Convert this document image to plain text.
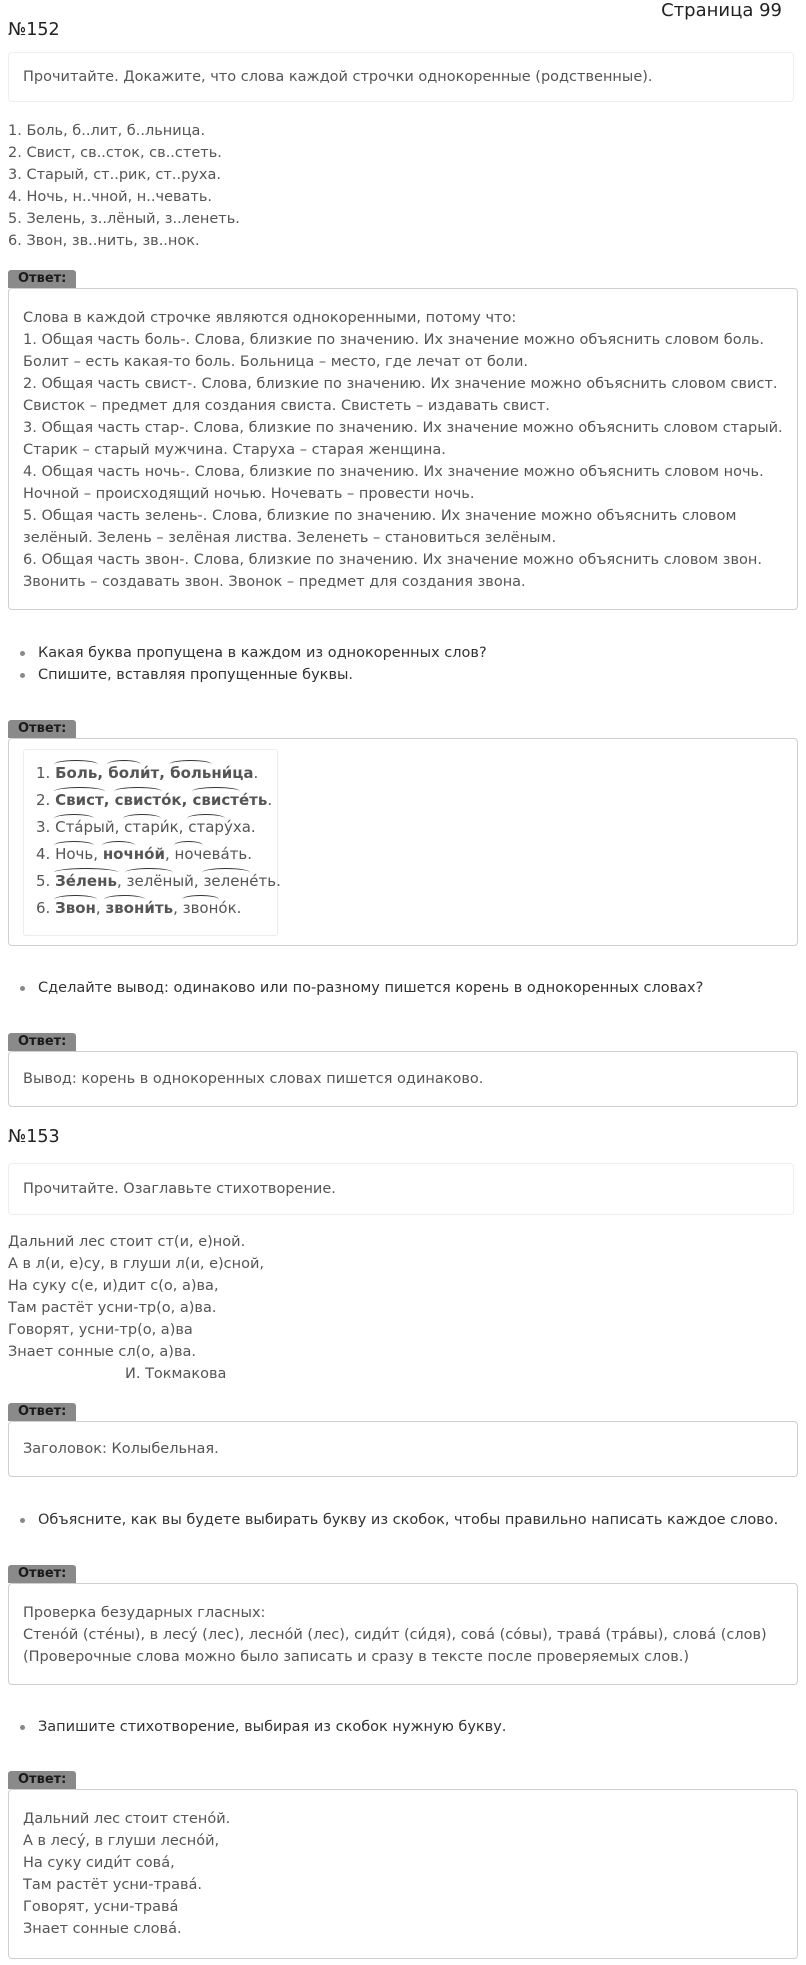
Страница 99
№152
Прочитайте. Докажите, что слова каждой строчки однокоренные (родственные).
1. Боль, б..лит, б..льница.
2. Свист, св..сток, св..стеть.
3. Старый, ст..рик, ст..руха.
4. Ночь, н..чной, н..чевать.
5. Зелень, з..лёный, з..ленеть.
6. Звон, зв..нить, зв..нок.
Ответ:
Слова в каждой строчке являются однокоренными, потому что:
1. Общая часть боль-. Слова, близкие по значению. Их значение можно объяснить словом боль.
Болит – есть какая-то боль. Больница – место, где лечат от боли.
2. Общая часть свист-. Слова, близкие по значению. Их значение можно объяснить словом свист.
Свисток – предмет для создания свиста. Свистеть – издавать свист.
3. Общая часть стар-. Слова, близкие по значению. Их значение можно объяснить словом старый.
Старик – старый мужчина. Старуха – старая женщина.
4. Общая часть ночь-. Слова, близкие по значению. Их значение можно объяснить словом ночь.
Ночной – происходящий ночью. Ночевать – провести ночь.
5. Общая часть зелень-. Слова, близкие по значению. Их значение можно объяснить словом
зелёный. Зелень – зелёная листва. Зеленеть – становиться зелёным.
6. Общая часть звон-. Слова, близкие по значению. Их значение можно объяснить словом звон.
Звонить – создавать звон. Звонок – предмет для создания звона.
Какая буква пропущена в каждом из однокоренных слов?
Спишите, вставляя пропущенные буквы.
Ответ:
1. Боль, боли́т, больни́ца.
2. Свист, свисто́к, свисте́ть.
3. Ста́рый, стари́к, стару́ха.
4. Ночь, ночно́й, ночева́ть.
5. Зе́лень, зелёный, зелене́ть.
6. Звон, звони́ть, звоно́к.
Сделайте вывод: одинаково или по-разному пишется корень в однокоренных словах?
Ответ:
Вывод: корень в однокоренных словах пишется одинаково.
№153
Прочитайте. Озаглавьте стихотворение.
Дальний лес стоит ст(и, е)ной.
А в л(и, е)су, в глуши л(и, е)сной,
На суку с(е, и)дит с(о, а)ва,
Там растёт усни-тр(о, а)ва.
Говорят, усни-тр(о, а)ва
Знает сонные сл(о, а)ва.
И. Токмакова
Ответ:
Заголовок: Колыбельная.
Объясните, как вы будете выбирать букву из скобок, чтобы правильно написать каждое слово.
Ответ:
Проверка безударных гласных:
Стено́й (сте́ны), в лесу́ (лес), лесно́й (лес), сиди́т (си́дя), сова́ (со́вы), трава́ (тра́вы), слова́ (слов)
(Проверочные слова можно было записать и сразу в тексте после проверяемых слов.)
Запишите стихотворение, выбирая из скобок нужную букву.
Ответ:
Дальний лес стоит стено́й.
А в лесу́, в глуши лесно́й,
На суку сиди́т сова́,
Там растёт усни-трава́.
Говорят, усни-трава́
Знает сонные слова́.
